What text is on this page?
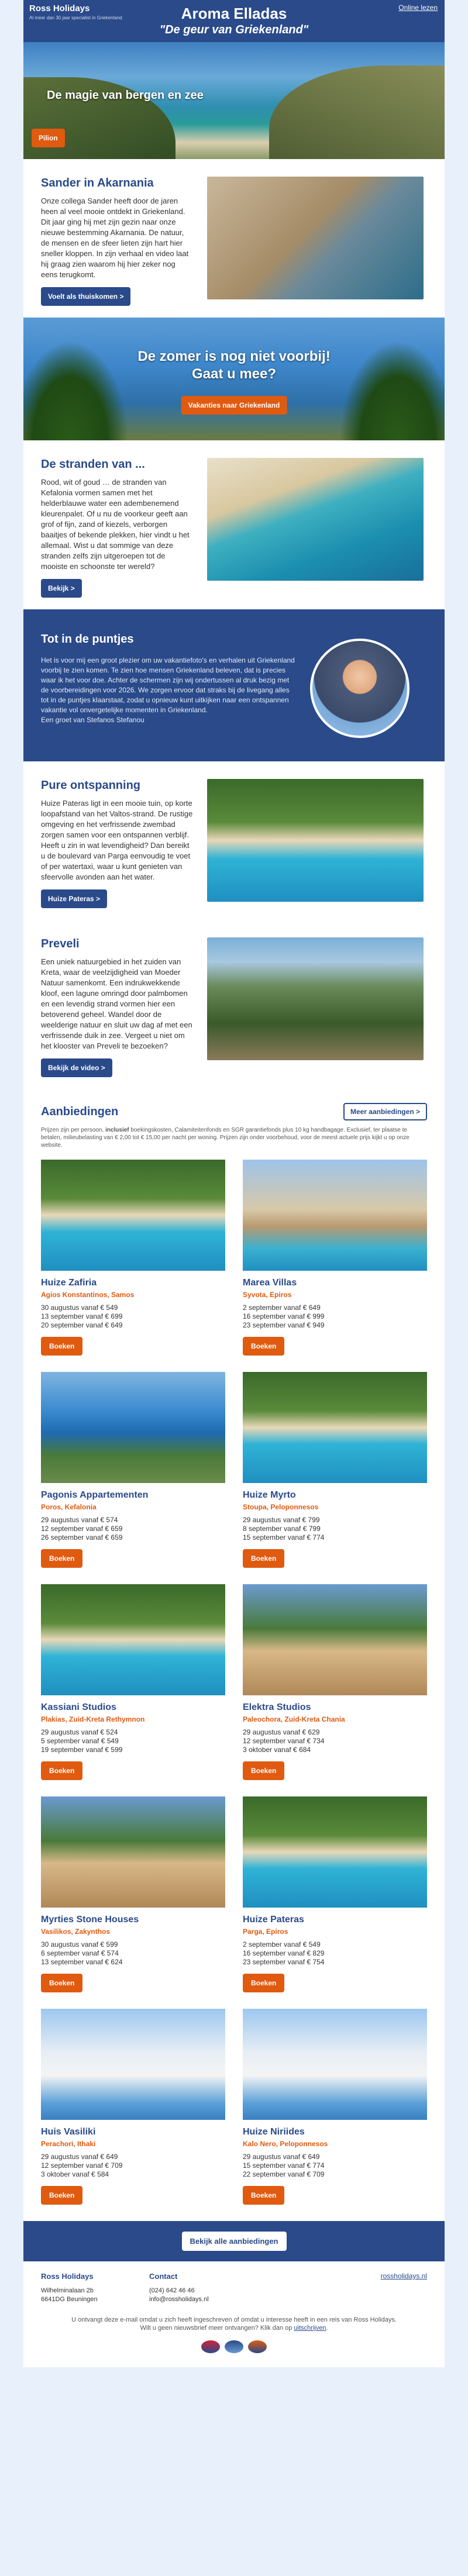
Ross Holidays
Al meer dan 30 jaar specialist in Griekenland	Aroma Elladas
"De geur van Griekenland"
Online lezen
De magie van bergen en zee
Pilion
Sander in Akarnania

Onze collega Sander heeft door de jaren heen al veel mooie ontdekt in Griekenland. Dit jaar ging hij met zijn gezin naar onze nieuwe bestemming Akarnania. De natuur, de mensen en de sfeer lieten zijn hart hier sneller kloppen. In zijn verhaal en video laat hij graag zien waarom hij hier zeker nog eens terugkomt.

Voelt als thuiskomen >
De zomer is nog niet voorbij!
Gaat u mee?
Vakanties naar Griekenland
De stranden van ...

Rood, wit of goud … de stranden van Kefalonia vormen samen met het helderblauwe water een adembenemend kleurenpalet. Of u nu de voorkeur geeft aan grof of fijn, zand of kiezels, verborgen baaitjes of bekende plekken, hier vindt u het allemaal. Wist u dat sommige van deze stranden zelfs zijn uitgeroepen tot de mooiste en schoonste ter wereld?

Bekijk >
Tot in de puntjes

Het is voor mij een groot plezier om uw vakantiefoto's en verhalen uit Griekenland voorbij te zien komen. Te zien hoe mensen Griekenland beleven, dat is precies waar ik het voor doe. Achter de schermen zijn wij ondertussen al druk bezig met de voorbereidingen voor 2026. We zorgen ervoor dat straks bij de livegang alles tot in de puntjes klaarstaat, zodat u opnieuw kunt uitkijken naar een ontspannen vakantie vol onvergetelijke momenten in Griekenland.

Een groet van Stefanos Stefanou

Pure ontspanning

Huize Pateras ligt in een mooie tuin, op korte loopafstand van het Valtos-strand. De rustige omgeving en het verfrissende zwembad zorgen samen voor een ontspannen verblijf. Heeft u zin in wat levendigheid? Dan bereikt u de boulevard van Parga eenvoudig te voet of per watertaxi, waar u kunt genieten van sfeervolle avonden aan het water.

Huize Pateras >
Preveli

Een uniek natuurgebied in het zuiden van Kreta, waar de veelzijdigheid van Moeder Natuur samenkomt. Een indrukwekkende kloof, een lagune omringd door palmbomen en een levendig strand vormen hier een betoverend geheel. Wandel door de weelderige natuur en sluit uw dag af met een verfrissende duik in zee. Vergeet u niet om het klooster van Preveli te bezoeken?

Bekijk de video >
Aanbiedingen	Meer aanbiedingen >
Prijzen zijn per persoon, inclusief boekingskosten, Calamiteitenfonds en SGR garantiefonds plus 10 kg handbagage. Exclusief, ter plaatse te betalen, milieubelasting van € 2,00 tot € 15,00 per nacht per woning. Prijzen zijn onder voorbehoud, voor de meest actuele prijs kijkt u op onze website.
Huize Zafiria
Agios Konstantinos, Samos
30 augustus vanaf € 549
13 september vanaf € 699
20 september vanaf € 649
Boeken
Marea Villas
Syvota, Epiros
2 september vanaf € 649
16 september vanaf € 999
23 september vanaf € 949
Boeken
Pagonis Appartementen
Poros, Kefalonia
29 augustus vanaf € 574
12 september vanaf € 659
26 september vanaf € 659
Boeken
Huize Myrto
Stoupa, Peloponnesos
29 augustus vanaf € 799
8 september vanaf € 799
15 september vanaf € 774
Boeken
Kassiani Studios
Plakias, Zuid-Kreta Rethymnon
29 augustus vanaf € 524
5 september vanaf € 549
19 september vanaf € 599
Boeken
Elektra Studios
Paleochora, Zuid-Kreta Chania
29 augustus vanaf € 629
12 september vanaf € 734
3 oktober vanaf € 684
Boeken
Myrties Stone Houses
Vasilikos, Zakynthos
30 augustus vanaf € 599
6 september vanaf € 574
13 september vanaf € 624
Boeken
Huize Pateras
Parga, Epiros
2 september vanaf € 549
16 september vanaf € 829
23 september vanaf € 754
Boeken
Huis Vasiliki
Perachori, Ithaki
29 augustus vanaf € 649
12 september vanaf € 709
3 oktober vanaf € 584
Boeken
Huize Niriides
Kalo Nero, Peloponnesos
29 augustus vanaf € 649
15 september vanaf € 774
22 september vanaf € 709
Boeken
Bekijk alle aanbiedingen
Ross Holidays
Wilhelminalaan 2b
6641DG Beuningen
Contact
(024) 642 46 46
info@rossholidays.nl
rossholidays.nl
U ontvangt deze e-mail omdat u zich heeft ingeschreven of omdat u interesse heeft in een reis van Ross Holidays. Wilt u geen nieuwsbrief meer ontvangen? Klik dan op uitschrijven.
